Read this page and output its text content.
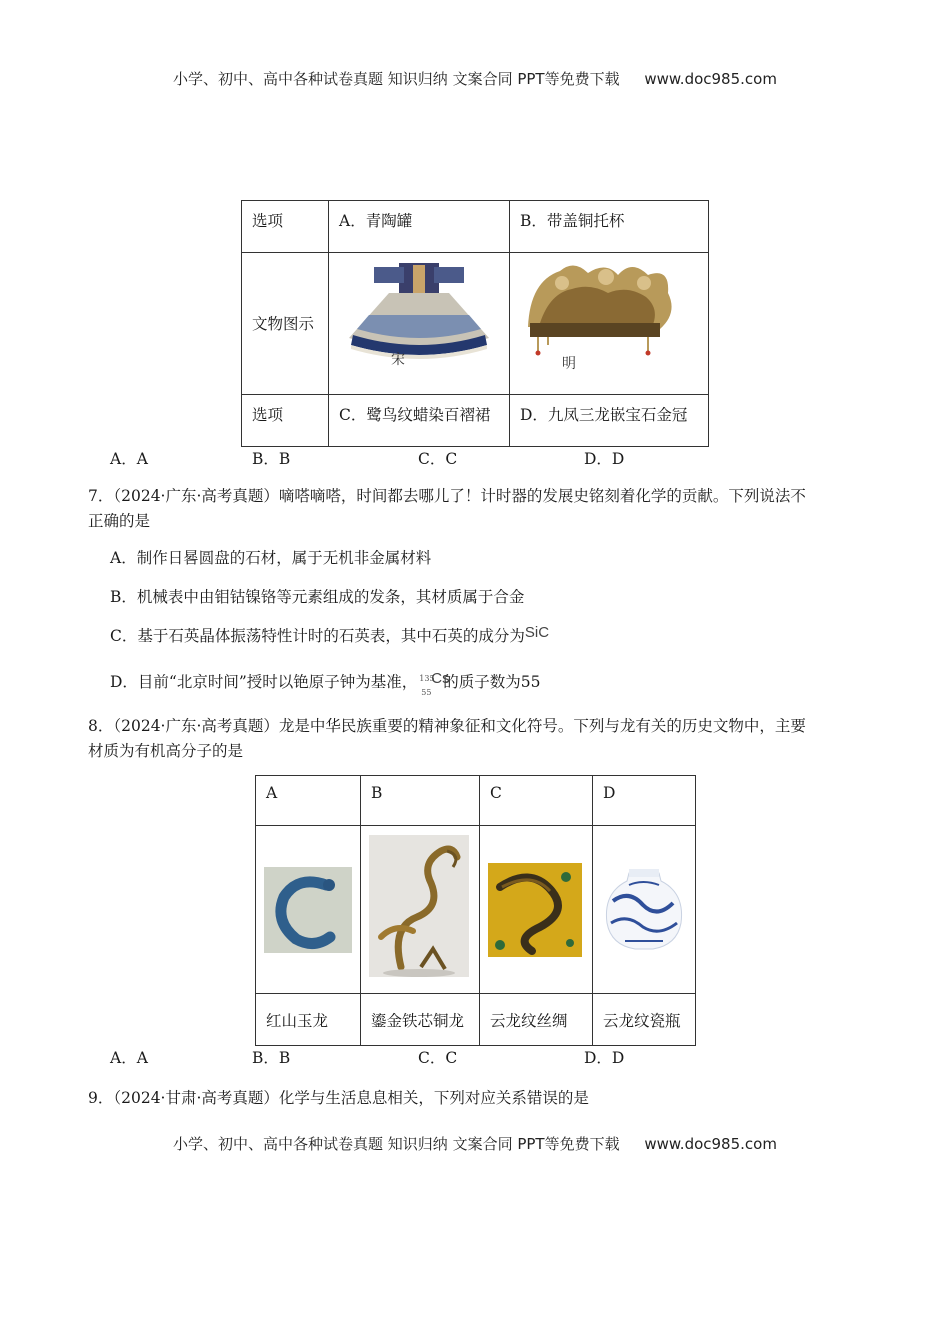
小学、初中、高中各种试卷真题 知识归纳 文案合同 PPT等免费下载 www.doc985.com
选项	A．青陶罐	B．带盖铜托杯
文物图示	宋	明

选项	C．鹭鸟纹蜡染百褶裙	D．九凤三龙嵌宝石金冠
A．A	B．B	C．C	D．D
7．（2024·广东·高考真题）嘀嗒嘀嗒，时间都去哪儿了！计时器的发展史铭刻着化学的贡献。下列说法不
正确的是
A．制作日晷圆盘的石材，属于无机非金属材料
B．机械表中由钼钴镍铬等元素组成的发条，其材质属于合金
C．基于石英晶体振荡特性计时的石英表，其中石英的成分为SiC
D．目前“北京时间”授时以铯原子钟为基准， 135
55
Cs
的质子数为55
8．（2024·广东·高考真题）龙是中华民族重要的精神象征和文化符号。下列与龙有关的历史文物中，主要
材质为有机高分子的是
A	B	C	D

红山玉龙	鎏金铁芯铜龙	云龙纹丝绸	云龙纹瓷瓶
A．A	B．B	C．C	D．D
9．（2024·甘肃·高考真题）化学与生活息息相关，下列对应关系错误的是
小学、初中、高中各种试卷真题 知识归纳 文案合同 PPT等免费下载 www.doc985.com
